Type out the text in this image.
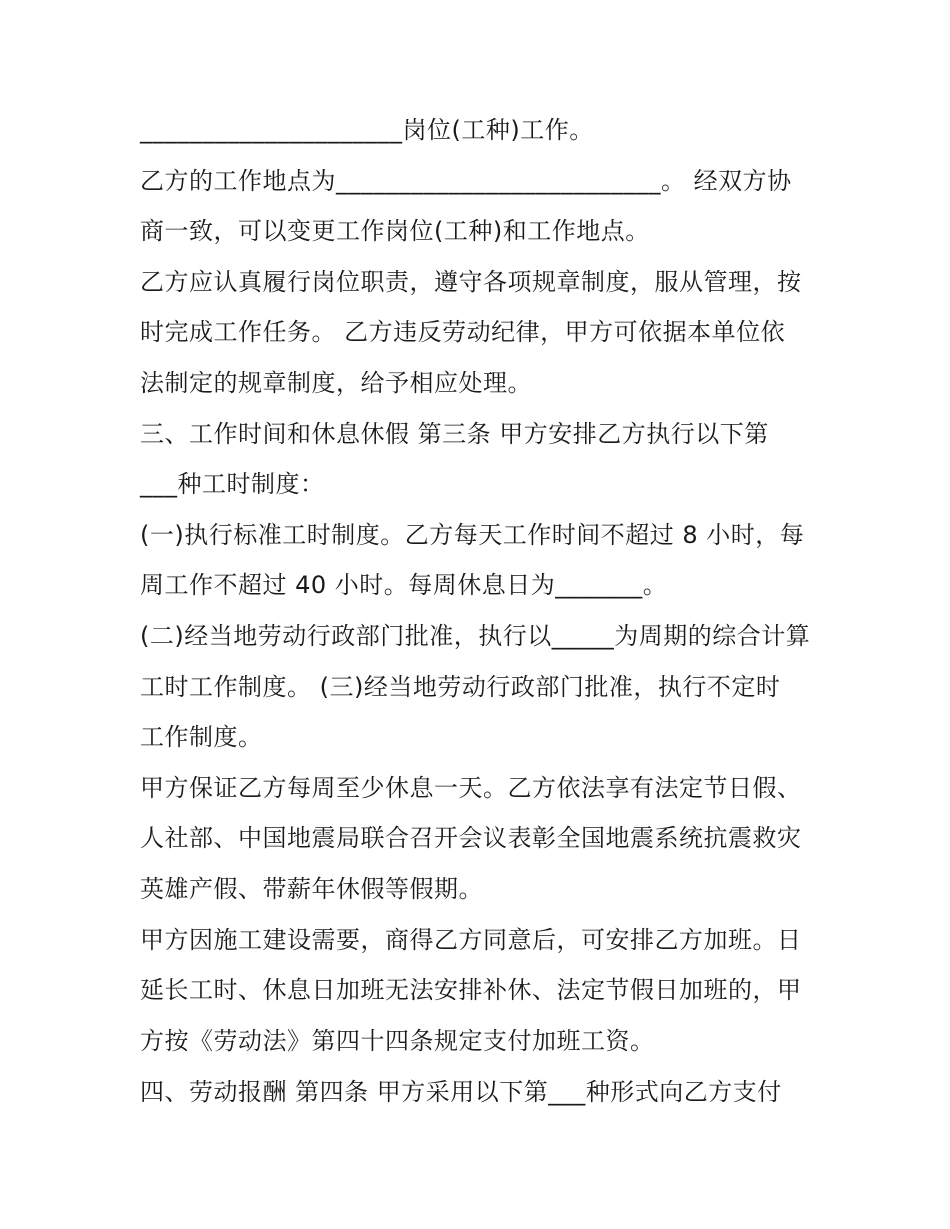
_____________________岗位(工种)工作。
乙方的工作地点为__________________________。 经双方协
商一致，可以变更工作岗位(工种)和工作地点。
乙方应认真履行岗位职责，遵守各项规章制度，服从管理，按
时完成工作任务。 乙方违反劳动纪律，甲方可依据本单位依
法制定的规章制度，给予相应处理。
三、工作时间和休息休假 第三条 甲方安排乙方执行以下第
___种工时制度：
(一)执行标准工时制度。乙方每天工作时间不超过 8 小时，每
周工作不超过 40 小时。每周休息日为_______。
(二)经当地劳动行政部门批准，执行以_____为周期的综合计算
工时工作制度。 (三)经当地劳动行政部门批准，执行不定时
工作制度。
甲方保证乙方每周至少休息一天。乙方依法享有法定节日假、
人社部、中国地震局联合召开会议表彰全国地震系统抗震救灾
英雄产假、带薪年休假等假期。
甲方因施工建设需要，商得乙方同意后，可安排乙方加班。日
延长工时、休息日加班无法安排补休、法定节假日加班的，甲
方按《劳动法》第四十四条规定支付加班工资。
四、劳动报酬 第四条 甲方采用以下第___种形式向乙方支付
